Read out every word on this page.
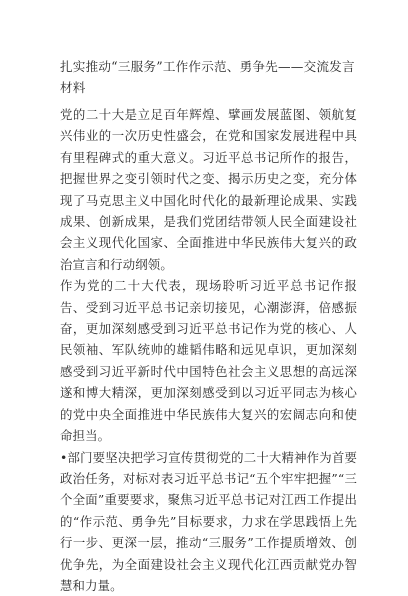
扎实推动“三服务”工作作示范、勇争先——交流发言材料

党的二十大是立足百年辉煌、擘画发展蓝图、领航复兴伟业的一次历史性盛会，在党和国家发展进程中具有里程碑式的重大意义。习近平总书记所作的报告，把握世界之变引领时代之变、揭示历史之变，充分体现了马克思主义中国化时代化的最新理论成果、实践成果、创新成果，是我们党团结带领人民全面建设社会主义现代化国家、全面推进中华民族伟大复兴的政治宣言和行动纲领。

作为党的二十大代表，现场聆听习近平总书记作报告、受到习近平总书记亲切接见，心潮澎湃，倍感振奋，更加深刻感受到习近平总书记作为党的核心、人民领袖、军队统帅的雄韬伟略和远见卓识，更加深刻感受到习近平新时代中国特色社会主义思想的高远深遂和博大精深，更加深刻感受到以习近平同志为核心的党中央全面推进中华民族伟大复兴的宏阔志向和使命担当。

•部门要坚决把学习宣传贯彻党的二十大精神作为首要政治任务，对标对表习近平总书记“五个牢牢把握”“三个全面”重要要求，聚焦习近平总书记对江西工作提出的“作示范、勇争先”目标要求，力求在学思践悟上先行一步、更深一层，推动“三服务”工作提质增效、创优争先，为全面建设社会主义现代化江西贡献党办智慧和力量。
